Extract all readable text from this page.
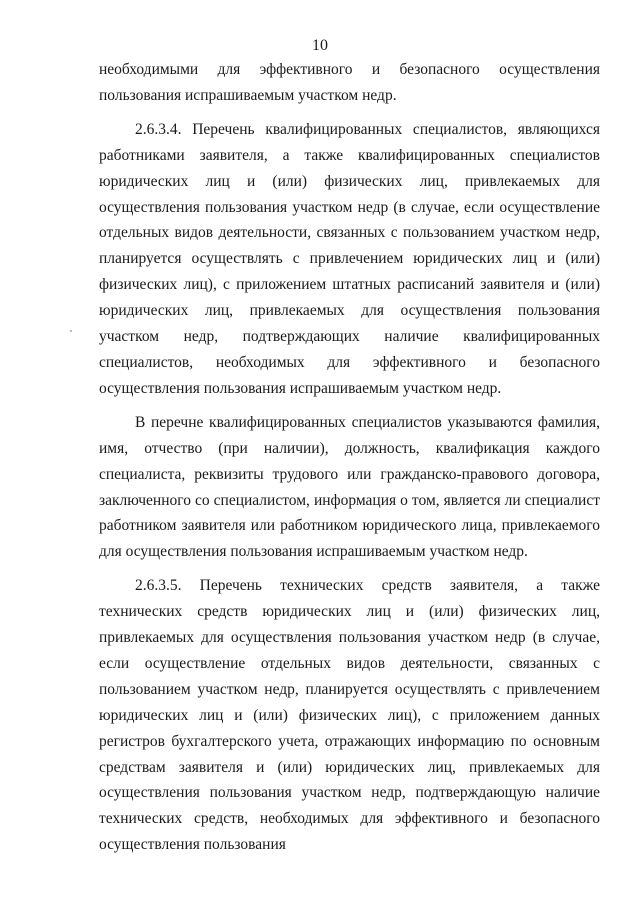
10

необходимыми для эффективного и безопасного осуществления пользования испрашиваемым участком недр.

2.6.3.4. Перечень квалифицированных специалистов, являющихся работниками заявителя, а также квалифицированных специалистов юридических лиц и (или) физических лиц, привлекаемых для осуществления пользования участком недр (в случае, если осуществление отдельных видов деятельности, связанных с пользованием участком недр, планируется осуществлять с привлечением юридических лиц и (или) физических лиц), с приложением штатных расписаний заявителя и (или) юридических лиц, привлекаемых для осуществления пользования участком недр, подтверждающих наличие квалифицированных специалистов, необходимых для эффективного и безопасного осуществления пользования испрашиваемым участком недр.

В перечне квалифицированных специалистов указываются фамилия, имя, отчество (при наличии), должность, квалификация каждого специалиста, реквизиты трудового или гражданско-правового договора, заключенного со специалистом, информация о том, является ли специалист работником заявителя или работником юридического лица, привлекаемого для осуществления пользования испрашиваемым участком недр.

2.6.3.5. Перечень технических средств заявителя, а также технических средств юридических лиц и (или) физических лиц, привлекаемых для осуществления пользования участком недр (в случае, если осуществление отдельных видов деятельности, связанных с пользованием участком недр, планируется осуществлять с привлечением юридических лиц и (или) физических лиц), с приложением данных регистров бухгалтерского учета, отражающих информацию по основным средствам заявителя и (или) юридических лиц, привлекаемых для осуществления пользования участком недр, подтверждающую наличие технических средств, необходимых для эффективного и безопасного осуществления пользования
